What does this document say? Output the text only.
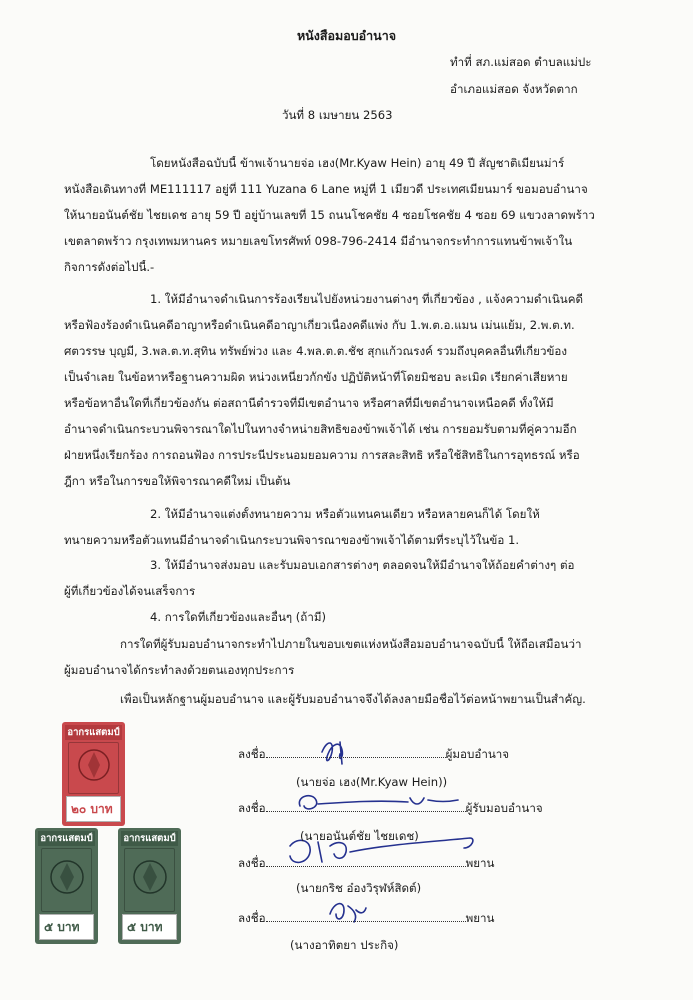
หนังสือมอบอำนาจ
ทำที่ สภ.แม่สอด ตำบลแม่ปะ
อำเภอแม่สอด จังหวัดตาก
วันที่ 8 เมษายน 2563
โดยหนังสือฉบับนี้ ข้าพเจ้านายจ่อ เฮง(Mr.Kyaw Hein) อายุ 49 ปี สัญชาติเมียนม่าร์
หนังสือเดินทางที่ ME111117 อยู่ที่ 111 Yuzana 6 Lane หมู่ที่ 1 เมียวดี ประเทศเมียนมาร์ ขอมอบอำนาจ
ให้นายอนันต์ชัย ไชยเดช อายุ 59 ปี อยู่บ้านเลขที่ 15 ถนนโชคชัย 4 ซอยโชคชัย 4 ซอย 69 แขวงลาดพร้าว
เขตลาดพร้าว กรุงเทพมหานคร หมายเลขโทรศัพท์ 098-796-2414 มีอำนาจกระทำการแทนข้าพเจ้าใน
กิจการดังต่อไปนี้.-
1. ให้มีอำนาจดำเนินการร้องเรียนไปยังหน่วยงานต่างๆ ที่เกี่ยวข้อง , แจ้งความดำเนินคดี
หรือฟ้องร้องดำเนินคดีอาญาหรือดำเนินคดีอาญาเกี่ยวเนื่องคดีแพ่ง กับ 1.พ.ต.อ.แมน เม่นแย้ม, 2.พ.ต.ท.
ศตวรรษ บุญมี, 3.พล.ต.ท.สุทิน ทรัพย์พ่วง และ 4.พล.ต.ต.ชัช สุกแก้วณรงค์ รวมถึงบุคคลอื่นที่เกี่ยวข้อง
เป็นจำเลย ในข้อหาหรือฐานความผิด หน่วงเหนี่ยวกักขัง ปฏิบัติหน้าที่โดยมิชอบ ละเมิด เรียกค่าเสียหาย
หรือข้อหาอื่นใดที่เกี่ยวข้องกัน ต่อสถานีตำรวจที่มีเขตอำนาจ หรือศาลที่มีเขตอำนาจเหนือคดี ทั้งให้มี
อำนาจดำเนินกระบวนพิจารณาใดไปในทางจำหน่ายสิทธิของข้าพเจ้าได้ เช่น การยอมรับตามที่คู่ความอีก
ฝ่ายหนึ่งเรียกร้อง การถอนฟ้อง การประนีประนอมยอมความ การสละสิทธิ หรือใช้สิทธิในการอุทธรณ์ หรือ
ฎีกา หรือในการขอให้พิจารณาคดีใหม่ เป็นต้น
2. ให้มีอำนาจแต่งตั้งทนายความ หรือตัวแทนคนเดียว หรือหลายคนก็ได้ โดยให้
ทนายความหรือตัวแทนมีอำนาจดำเนินกระบวนพิจารณาของข้าพเจ้าได้ตามที่ระบุไว้ในข้อ 1.
3. ให้มีอำนาจส่งมอบ และรับมอบเอกสารต่างๆ ตลอดจนให้มีอำนาจให้ถ้อยคำต่างๆ ต่อ
ผู้ที่เกี่ยวข้องได้จนเสร็จการ
4. การใดที่เกี่ยวข้องและอื่นๆ (ถ้ามี)
การใดที่ผู้รับมอบอำนาจกระทำไปภายในขอบเขตแห่งหนังสือมอบอำนาจฉบับนี้ ให้ถือเสมือนว่า
ผู้มอบอำนาจได้กระทำลงด้วยตนเองทุกประการ
เพื่อเป็นหลักฐานผู้มอบอำนาจ และผู้รับมอบอำนาจจึงได้ลงลายมือชื่อไว้ต่อหน้าพยานเป็นสำคัญ.
อากรแสตมป์
๒๐ บาท
อากรแสตมป์
๕ บาท
อากรแสตมป์
๕ บาท
ลงชื่อ	ผู้มอบอำนาจ
(นายจ่อ เฮง(Mr.Kyaw Hein))
ลงชื่อ	ผู้รับมอบอำนาจ
(นายอนันต์ชัย ไชยเดช)
ลงชื่อ	พยาน
(นายกริช อ๋องวิรุฬห์สิดต์)
ลงชื่อ	พยาน
(นางอาทิตยา ประกิจ)
